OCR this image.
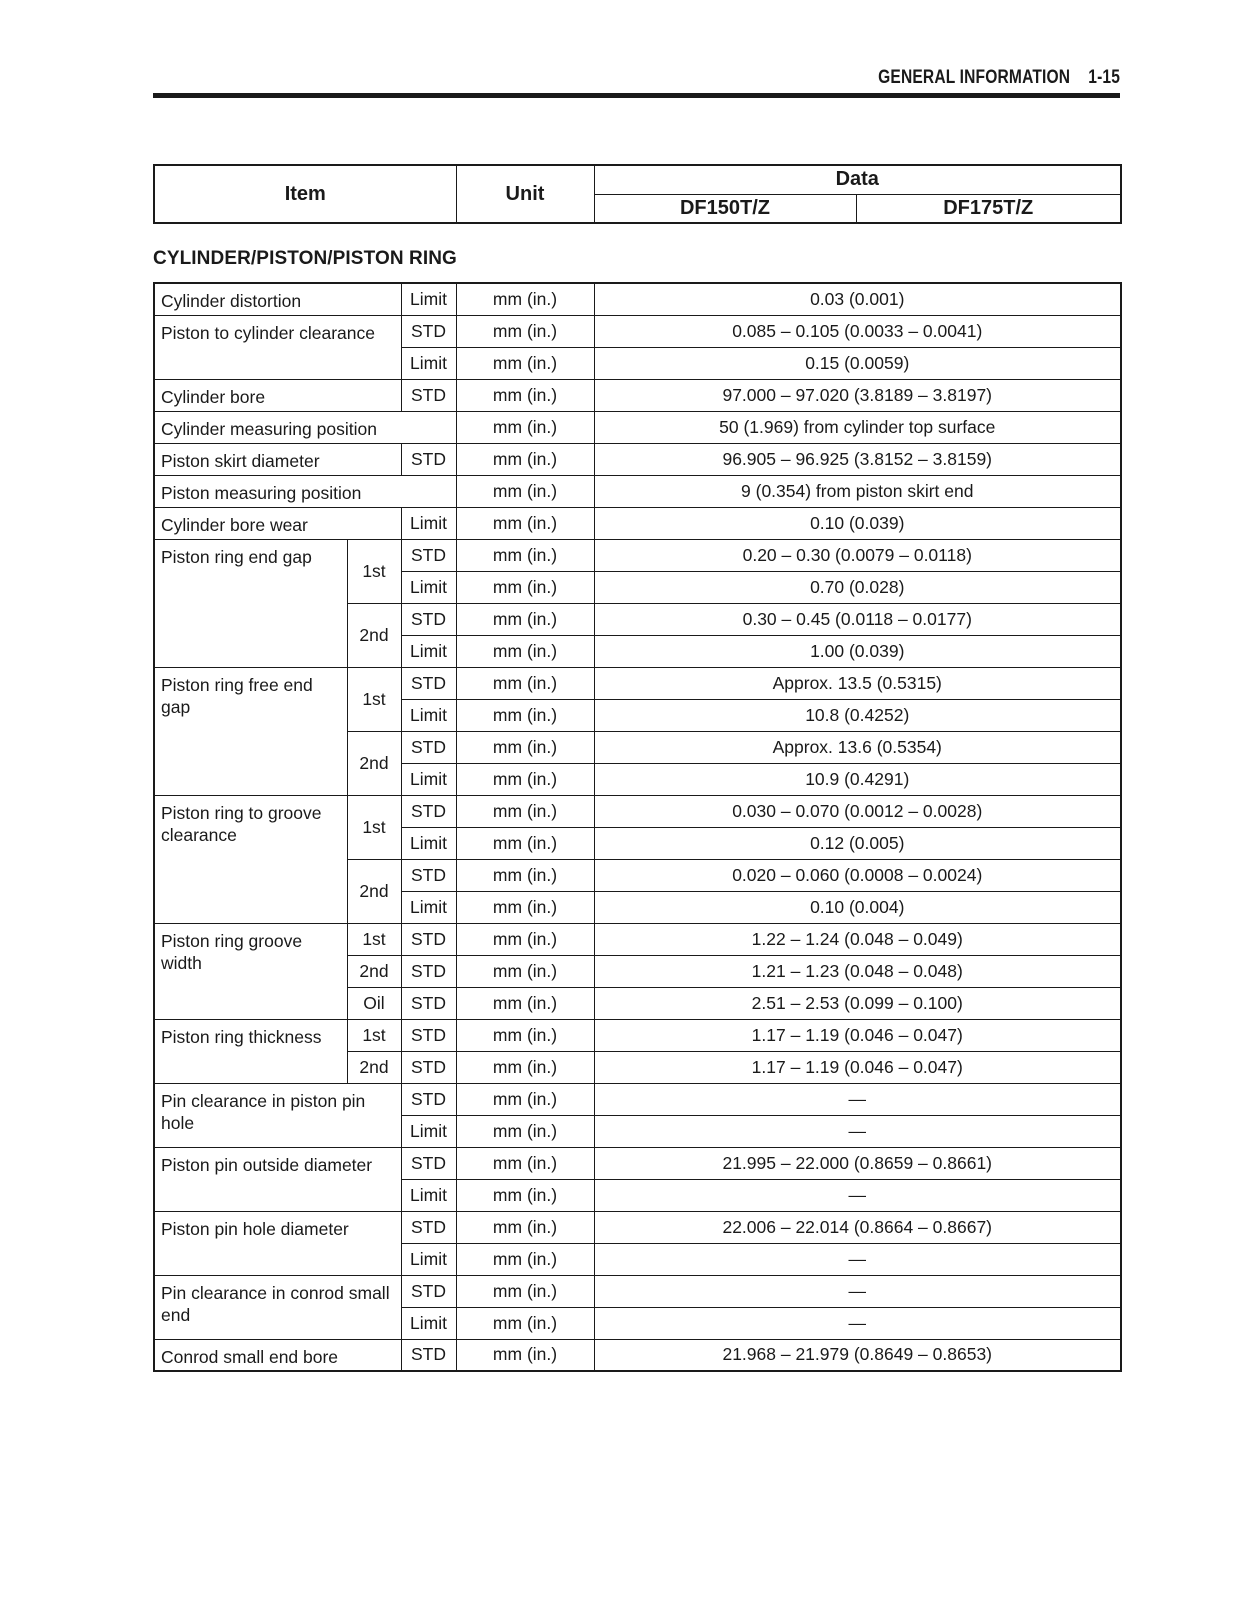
GENERAL INFORMATION 1-15
Item	Unit	Data	
		DF150T/Z	DF175T/Z
CYLINDER/PISTON/PISTON RING
Cylinder distortion		Limit	mm (in.)	0.03 (0.001)
Piston to cylinder clearance		STD	mm (in.)	0.085 – 0.105 (0.0033 – 0.0041)
		Limit	mm (in.)	0.15 (0.0059)
Cylinder bore		STD	mm (in.)	97.000 – 97.020 (3.8189 – 3.8197)
Cylinder measuring position			mm (in.)	50 (1.969) from cylinder top surface
Piston skirt diameter		STD	mm (in.)	96.905 – 96.925 (3.8152 – 3.8159)
Piston measuring position			mm (in.)	9 (0.354) from piston skirt end
Cylinder bore wear		Limit	mm (in.)	0.10 (0.039)
Piston ring end gap	1st	STD	mm (in.)	0.20 – 0.30 (0.0079 – 0.0118)
		Limit	mm (in.)	0.70 (0.028)
	2nd	STD	mm (in.)	0.30 – 0.45 (0.0118 – 0.0177)
		Limit	mm (in.)	1.00 (0.039)
Piston ring free end gap	1st	STD	mm (in.)	Approx. 13.5 (0.5315)
		Limit	mm (in.)	10.8 (0.4252)
	2nd	STD	mm (in.)	Approx. 13.6 (0.5354)
		Limit	mm (in.)	10.9 (0.4291)
Piston ring to groove clearance	1st	STD	mm (in.)	0.030 – 0.070 (0.0012 – 0.0028)
		Limit	mm (in.)	0.12 (0.005)
	2nd	STD	mm (in.)	0.020 – 0.060 (0.0008 – 0.0024)
		Limit	mm (in.)	0.10 (0.004)
Piston ring groove width	1st	STD	mm (in.)	1.22 – 1.24 (0.048 – 0.049)
	2nd	STD	mm (in.)	1.21 – 1.23 (0.048 – 0.048)
	Oil	STD	mm (in.)	2.51 – 2.53 (0.099 – 0.100)
Piston ring thickness	1st	STD	mm (in.)	1.17 – 1.19 (0.046 – 0.047)
	2nd	STD	mm (in.)	1.17 – 1.19 (0.046 – 0.047)
Pin clearance in piston pin hole		STD	mm (in.)	—
		Limit	mm (in.)	—
Piston pin outside diameter		STD	mm (in.)	21.995 – 22.000 (0.8659 – 0.8661)
		Limit	mm (in.)	—
Piston pin hole diameter		STD	mm (in.)	22.006 – 22.014 (0.8664 – 0.8667)
		Limit	mm (in.)	—
Pin clearance in conrod small end		STD	mm (in.)	—
		Limit	mm (in.)	—
Conrod small end bore		STD	mm (in.)	21.968 – 21.979 (0.8649 – 0.8653)
